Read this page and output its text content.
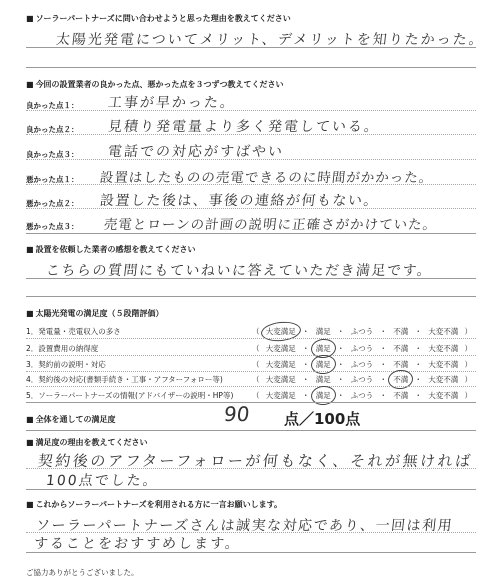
■ ソーラーパートナーズに問い合わせようと思った理由を教えてください
太陽光発電についてメリット、デメリットを知りたかった。
■ 今回の設置業者の良かった点、悪かった点を３つずつ教えてください
良かった点１： 工事が早かった。
良かった点２： 見積り発電量より多く発電している。
良かった点３： 電話での対応がすばやい
悪かった点１： 設置はしたものの売電できるのに時間がかかった。
悪かった点２： 設置した後は、事後の連絡が何もない。
悪かった点３： 売電とローンの計画の説明に正確さがかけていた。
■ 設置を依頼した業者の感想を教えてください
こちらの質問にもていねいに答えていただき満足です。
■ 太陽光発電の満足度（５段階評価）
1．発電量・売電収入の多さ	（ 大変満足 ・ 満足 ・ ふつう ・ 不満 ・ 大変不満 ）
2．設置費用の納得度	（ 大変満足 ・ 満足 ・ ふつう ・ 不満 ・ 大変不満 ）
3．契約前の説明・対応	（ 大変満足 ・ 満足 ・ ふつう ・ 不満 ・ 大変不満 ）
4．契約後の対応(書類手続き・工事・アフターフォロー等)	（ 大変満足 ・ 満足 ・ ふつう ・ 不満 ・ 大変不満 ）
5．ソーラーパートナーズの情報(アドバイザーの説明・HP等) （ 大変満足 ・ 満足 ・ ふつう ・ 不満 ・ 大変不満 ）
■ 全体を通しての満足度	90 点／100点
■ 満足度の理由を教えてください
契約後のアフターフォローが何もなく、それが無ければ
100点でした。
■ これからソーラーパートナーズを利用される方に一言お願いします。
ソーラーパートナーズさんは誠実な対応であり、一回は利用
することをおすすめします。
ご協力ありがとうございました。
